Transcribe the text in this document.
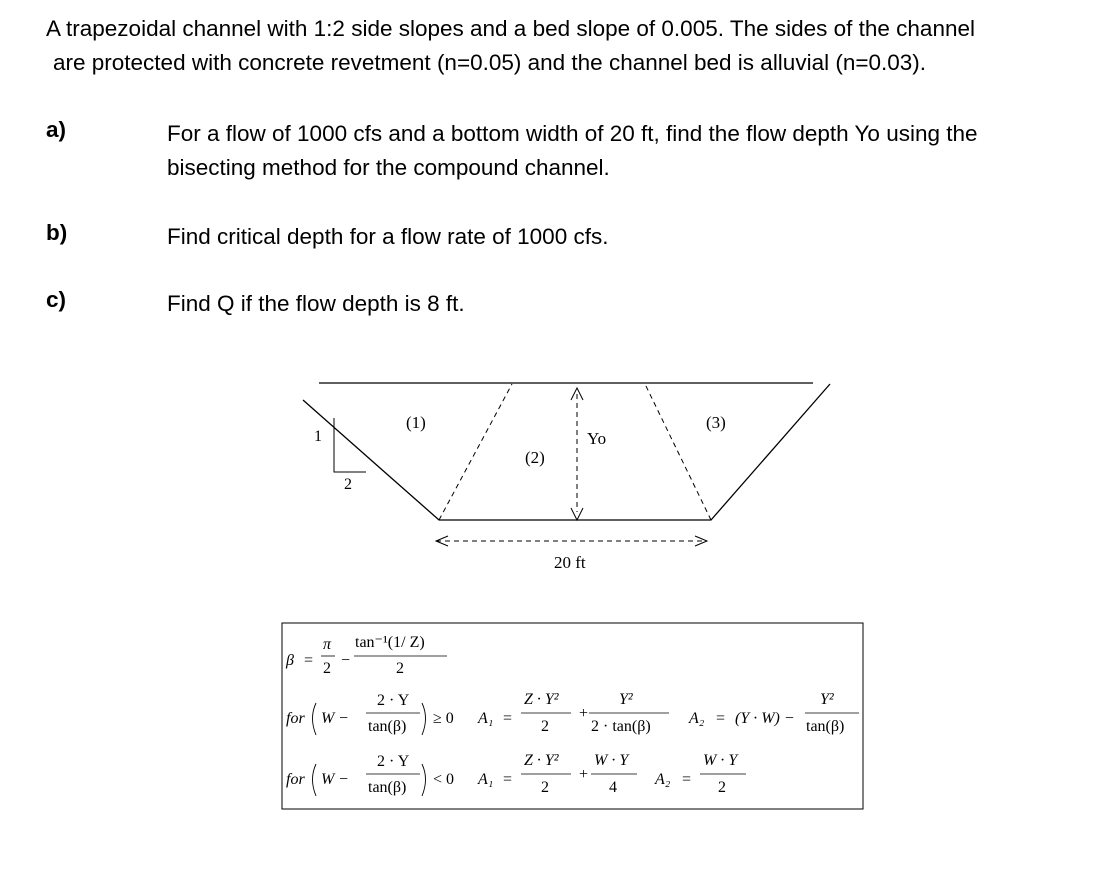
A trapezoidal channel with 1:2 side slopes and a bed slope of 0.005. The sides of the channel
are protected with concrete revetment (n=0.05) and the channel bed is alluvial (n=0.03).
a)	For a flow of 1000 cfs and a bottom width of 20 ft, find the flow depth Yo using the
bisecting method for the compound channel.
b)	Find critical depth for a flow rate of 1000 cfs.
c)	Find Q if the flow depth is 8 ft.
1
2
Yo
20 ft
(1)
(2)
(3)
β =
π
2 −
tan⁻¹(1/ Z)
2
for W −
2 · Y
tan(β) ≥ 0 A₁ =
Z · Y²
2
+
Y²
2 · tan(β) A₂ = (Y · W) −
Y²
tan(β)
for W −
2 · Y
tan(β) < 0 A₁ =
Z · Y²
2
+
W · Y
4 A₂ =
W · Y
2
